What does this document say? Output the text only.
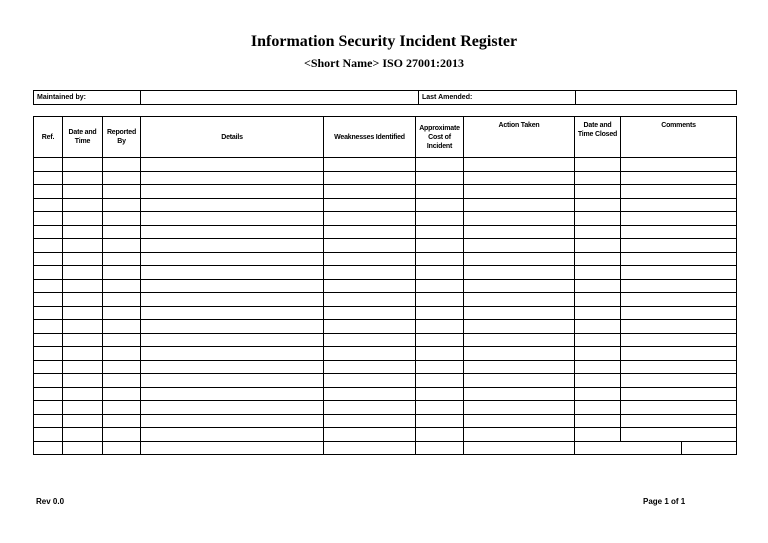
Information Security Incident Register
<Short Name> ISO 27001:2013
Maintained by:		Last Amended:	
Ref.	Date and Time	Reported By	Details	Weaknesses Identified	Approximate Cost of Incident	Action Taken	Date and Time Closed	Comments	

Rev 0.0	Page 1 of 1
